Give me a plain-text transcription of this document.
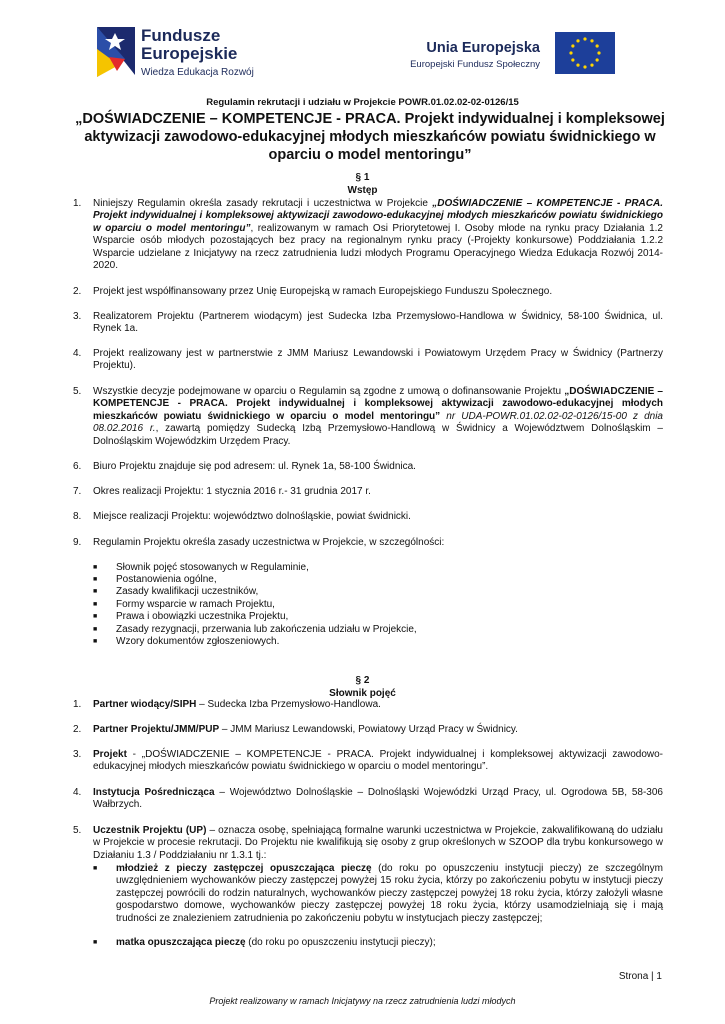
Fundusze
Europejskie
Wiedza Edukacja Rozwój
Unia Europejska
Europejski Fundusz Społeczny
Regulamin rekrutacji i udziału w Projekcie POWR.01.02.02-02-0126/15
„DOŚWIADCZENIE – KOMPETENCJE - PRACA. Projekt indywidualnej i kompleksowej
aktywizacji zawodowo-edukacyjnej młodych mieszkańców powiatu świdnickiego w
oparciu o model mentoringu”
§ 1
Wstęp
1. Niniejszy Regulamin określa zasady rekrutacji i uczestnictwa w Projekcie „DOŚWIADCZENIE – KOMPETENCJE - PRACA. Projekt indywidualnej i kompleksowej aktywizacji zawodowo-edukacyjnej młodych mieszkańców powiatu świdnickiego w oparciu o model mentoringu”, realizowanym w ramach Osi Priorytetowej I. Osoby młode na rynku pracy Działania 1.2 Wsparcie osób młodych pozostających bez pracy na regionalnym rynku pracy (-Projekty konkursowe) Poddziałania 1.2.2 Wsparcie udzielane z Inicjatywy na rzecz zatrudnienia ludzi młodych Programu Operacyjnego Wiedza Edukacja Rozwój 2014-2020.
2. Projekt jest współfinansowany przez Unię Europejską w ramach Europejskiego Funduszu Społecznego.
3. Realizatorem Projektu (Partnerem wiodącym) jest Sudecka Izba Przemysłowo-Handlowa w Świdnicy, 58-100 Świdnica, ul. Rynek 1a.
4. Projekt realizowany jest w partnerstwie z JMM Mariusz Lewandowski i Powiatowym Urzędem Pracy w Świdnicy (Partnerzy Projektu).
5. Wszystkie decyzje podejmowane w oparciu o Regulamin są zgodne z umową o dofinansowanie Projektu „DOŚWIADCZENIE – KOMPETENCJE - PRACA. Projekt indywidualnej i kompleksowej aktywizacji zawodowo-edukacyjnej młodych mieszkańców powiatu świdnickiego w oparciu o model mentoringu” nr UDA-POWR.01.02.02-02-0126/15-00 z dnia 08.02.2016 r., zawartą pomiędzy Sudecką Izbą Przemysłowo-Handlową w Świdnicy a Województwem Dolnośląskim – Dolnośląskim Wojewódzkim Urzędem Pracy.
6. Biuro Projektu znajduje się pod adresem: ul. Rynek 1a, 58-100 Świdnica.
7. Okres realizacji Projektu: 1 stycznia 2016 r.- 31 grudnia 2017 r.
8. Miejsce realizacji Projektu: województwo dolnośląskie, powiat świdnicki.
9. Regulamin Projektu określa zasady uczestnictwa w Projekcie, w szczególności:
■ Słownik pojęć stosowanych w Regulaminie,
■ Postanowienia ogólne,
■ Zasady kwalifikacji uczestników,
■ Formy wsparcie w ramach Projektu,
■ Prawa i obowiązki uczestnika Projektu,
■ Zasady rezygnacji, przerwania lub zakończenia udziału w Projekcie,
■ Wzory dokumentów zgłoszeniowych.
§ 2
Słownik pojęć
1. Partner wiodący/SIPH – Sudecka Izba Przemysłowo-Handlowa.
2. Partner Projektu/JMM/PUP – JMM Mariusz Lewandowski, Powiatowy Urząd Pracy w Świdnicy.
3. Projekt - „DOŚWIADCZENIE – KOMPETENCJE - PRACA. Projekt indywidualnej i kompleksowej aktywizacji zawodowo-edukacyjnej młodych mieszkańców powiatu świdnickiego w oparciu o model mentoringu”.
4. Instytucja Pośrednicząca – Województwo Dolnośląskie – Dolnośląski Wojewódzki Urząd Pracy, ul. Ogrodowa 5B, 58-306 Wałbrzych.
5. Uczestnik Projektu (UP) – oznacza osobę, spełniającą formalne warunki uczestnictwa w Projekcie, zakwalifikowaną do udziału w Projekcie w procesie rekrutacji. Do Projektu nie kwalifikują się osoby z grup określonych w SZOOP dla trybu konkursowego w Działaniu 1.3 / Poddziałaniu nr 1.3.1 tj.:
■ młodzież z pieczy zastępczej opuszczająca pieczę (do roku po opuszczeniu instytucji pieczy) ze szczególnym uwzględnieniem wychowanków pieczy zastępczej powyżej 15 roku życia, którzy po zakończeniu pobytu w instytucji pieczy zastępczej powrócili do rodzin naturalnych, wychowanków pieczy zastępczej powyżej 18 roku życia, którzy założyli własne gospodarstwo domowe, wychowanków pieczy zastępczej powyżej 18 roku życia, którzy usamodzielniają się i mają trudności ze znalezieniem zatrudnienia po zakończeniu pobytu w instytucjach pieczy zastępczej;
■ matka opuszczająca pieczę (do roku po opuszczeniu instytucji pieczy);
Strona | 1
Projekt realizowany w ramach Inicjatywy na rzecz zatrudnienia ludzi młodych
